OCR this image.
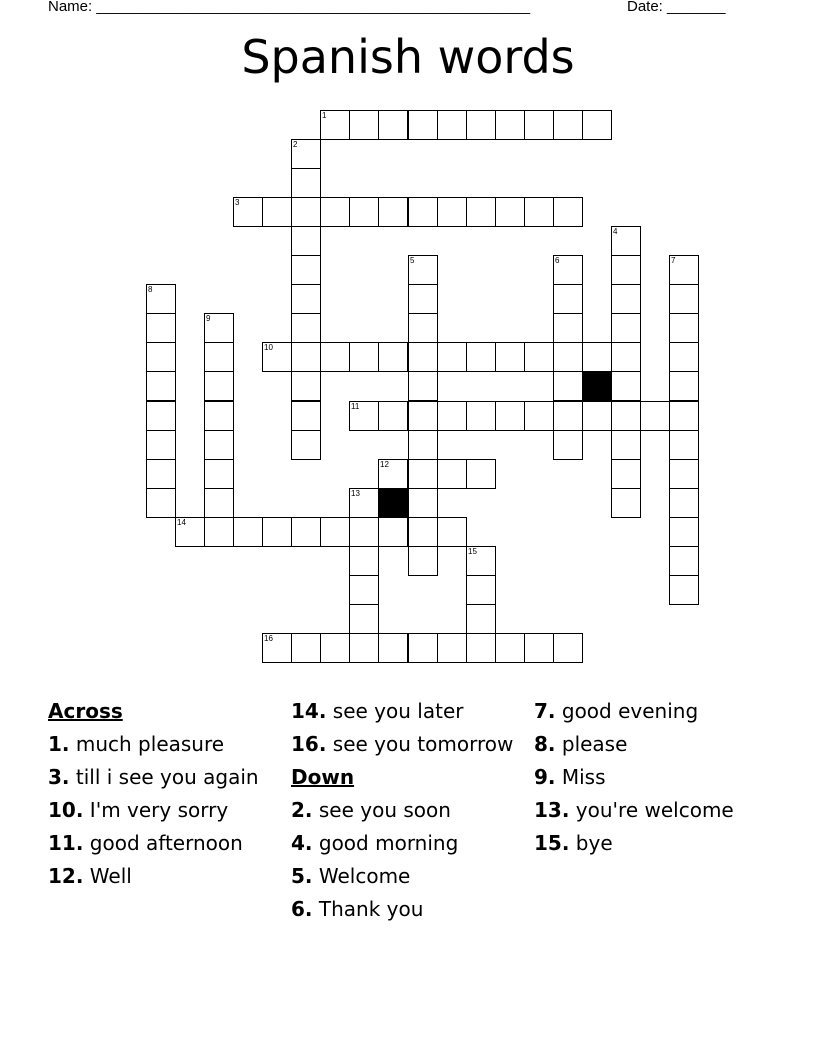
Name: ____________________________________________________	Date: _______
Spanish words
1
3
10
11
12
14
16
2
4
5	6	7
8
9
13
15
Across
1. much pleasure
3. till i see you again
10. I'm very sorry
11. good afternoon
12. Well
14. see you later
16. see you tomorrow
Down
2. see you soon
4. good morning
5. Welcome
6. Thank you
7. good evening
8. please
9. Miss
13. you're welcome
15. bye
